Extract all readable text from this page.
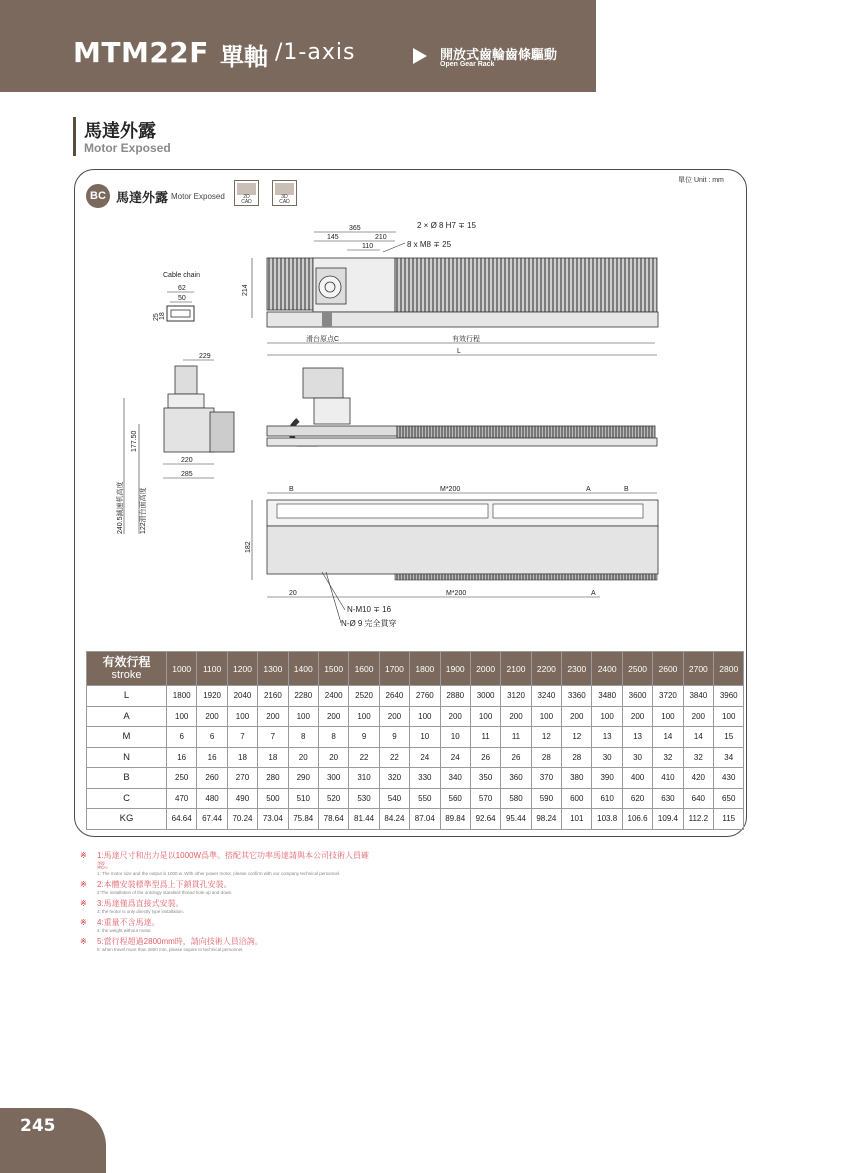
MTM22F 單軸 /1-axis	開放式齒輪齒條驅動
Open Gear Rack
馬達外露
Motor Exposed
單位 Unit : mm
BC 馬達外露 Motor Exposed	2D
CAD
3D
CAD
Cable chain
62
50
25 18
365
145	210
110
2 × Ø 8 H7 ∓ 15
8 x M8 ∓ 25
214
滑台原点C	有效行程
L
229
177.50
220
285
240.5減速机高度 122滑台面高度	B	M*200	A	B
182
20	M*200	A
N-M10 ∓ 16
N-Ø 9 完全貫穿
有效行程
stroke	1000	1100	1200	1300	1400	1500	1600	1700	1800	1900	2000	2100	2200	2300	2400	2500	2600	2700	2800
L	1800	1920	2040	2160	2280	2400	2520	2640	2760	2880	3000	3120	3240	3360	3480	3600	3720	3840	3960
A	100	200	100	200	100	200	100	200	100	200	100	200	100	200	100	200	100	200	100
M	6	6	7	7	8	8	9	9	10	10	11	11	12	12	13	13	14	14	15
N	16	16	18	18	20	20	22	22	24	24	26	26	28	28	30	30	32	32	34
B	250	260	270	280	290	300	310	320	330	340	350	360	370	380	390	400	410	420	430
C	470	480	490	500	510	520	530	540	550	560	570	580	590	600	610	620	630	640	650
KG	64.64	67.44	70.24	73.04	75.84	78.64	81.44	84.24	87.04	89.84	92.64	95.44	98.24	101	103.8	106.6	109.4	112.2	115
※ 1:馬達尺寸和出力是以1000W爲準。搭配其它功率馬達請與本公司技術人員確認。
1: The motor size and the output is 1000 w. With other power motor, please confirm with our company technical personnel.
※ 2:本體安裝標準型爲上下鎖貫孔安裝。
2:The installation of the ontology standard thread hole up and down.
※ 3:馬達僅爲直接式安裝。
3: the motor is only directly type installation.
※ 4:重量不含馬達。
4: the weight without motor.
※ 5:當行程超過2800mm時，請向技術人員洽詢。
5: when travel more than 2800 mm, please inquire to technical personnel.
245
